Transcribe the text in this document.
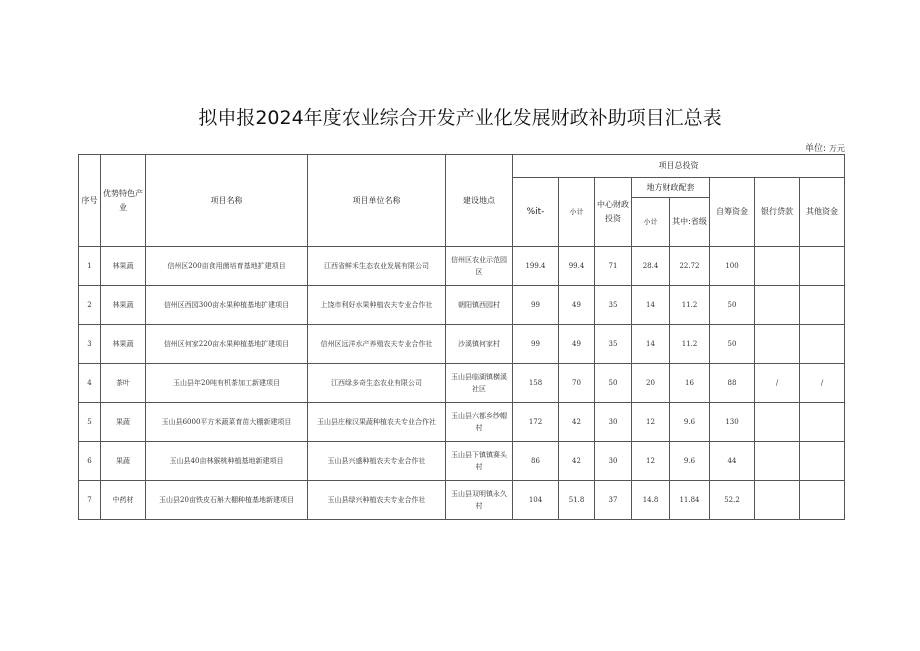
拟申报2024年度农业综合开发产业化发展财政补助项目汇总表
单位: 万元
序号	优势特色产业	项目名称	项目单位名称	建设地点	项目总投资							
					%it-	小计	中心财政投资	地方财政配套		自筹资金	银行贷款	其他资金
								小计	其中:省级			
1	林果蔬	信州区200亩食用菌培育基地扩建项目	江西省鲜禾生态农业发展有限公司	信州区农业示范园区	199.4	99.4	71	28.4	22.72	100		
2	林果蔬	信州区西园300亩水果种植基地扩建项目	上饶市利好水果种植农夫专业合作社	朝阳镇西园村	99	49	35	14	11.2	50		
3	林果蔬	信州区何家220亩水果种植基地扩建项目	信州区远洋水产养殖农夫专业合作社	沙溪镇何家村	99	49	35	14	11.2	50		
4	茶叶	玉山县年20吨有机茶加工新建项目	江西绿多奇生态农业有限公司	玉山县临湖镇横溪社区	158	70	50	20	16	88	/	/
5	果蔬	玉山县6000平方米蔬菜育苗大棚新建项目	玉山县庄稼汉果蔬种植农夫专业合作社	玉山县六都乡纱帽村	172	42	30	12	9.6	130		
6	果蔬	玉山县40亩林猴桃种植基地新建项目	玉山县兴盛种植农夫专业合作社	玉山县下镇镇赛头村	86	42	30	12	9.6	44		
7	中药材	玉山县20亩铁皮石斛大棚种植基地新建项目	玉山县绿兴种植农夫专业合作社	玉山县双明镇永久村	104	51.8	37	14.8	11.84	52.2		
